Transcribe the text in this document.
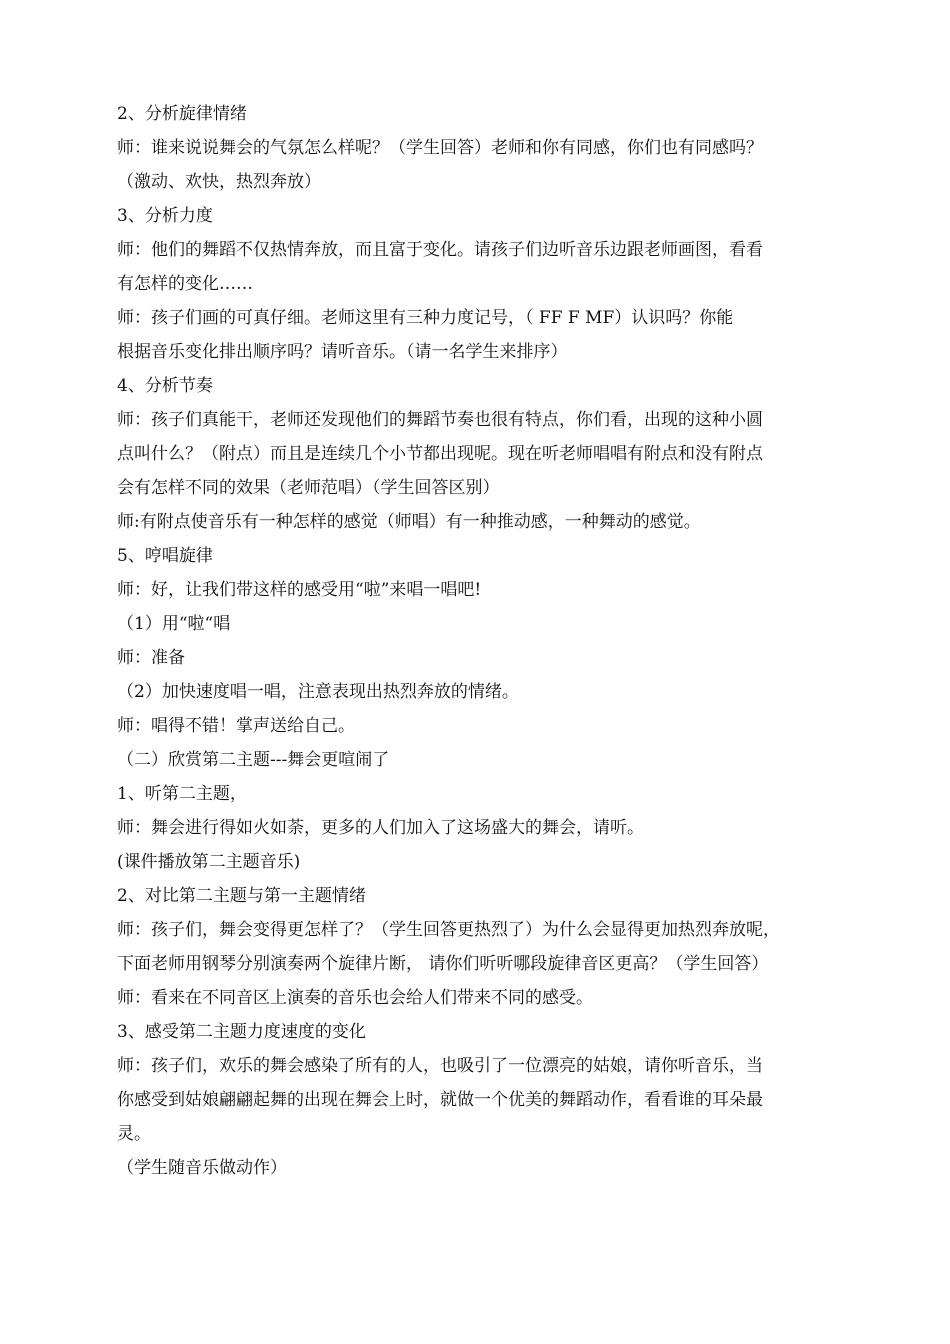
2、分析旋律情绪
师：谁来说说舞会的气氛怎么样呢？（学生回答）老师和你有同感，你们也有同感吗？
（激动、欢快，热烈奔放）
3、分析力度
师：他们的舞蹈不仅热情奔放，而且富于变化。请孩子们边听音乐边跟老师画图，看看
有怎样的变化……
师：孩子们画的可真仔细。老师这里有三种力度记号，（ FF F MF）认识吗？你能
根据音乐变化排出顺序吗？请听音乐。（请一名学生来排序）
4、分析节奏
师：孩子们真能干，老师还发现他们的舞蹈节奏也很有特点，你们看，出现的这种小圆
点叫什么？（附点）而且是连续几个小节都出现呢。现在听老师唱唱有附点和没有附点
会有怎样不同的效果（老师范唱）（学生回答区别）
师:有附点使音乐有一种怎样的感觉（师唱）有一种推动感，一种舞动的感觉。
5、哼唱旋律
师：好，让我们带这样的感受用“啦”来唱一唱吧!
（1）用“啦“唱
师：准备
（2）加快速度唱一唱，注意表现出热烈奔放的情绪。
师：唱得不错！掌声送给自己。
（二）欣赏第二主题---舞会更喧闹了
1、听第二主题，
师：舞会进行得如火如荼，更多的人们加入了这场盛大的舞会，请听。
(课件播放第二主题音乐)
2、对比第二主题与第一主题情绪
师：孩子们，舞会变得更怎样了？（学生回答更热烈了）为什么会显得更加热烈奔放呢，
下面老师用钢琴分别演奏两个旋律片断， 请你们听听哪段旋律音区更高？（学生回答）
师：看来在不同音区上演奏的音乐也会给人们带来不同的感受。
3、感受第二主题力度速度的变化
师：孩子们，欢乐的舞会感染了所有的人，也吸引了一位漂亮的姑娘，请你听音乐，当
你感受到姑娘翩翩起舞的出现在舞会上时，就做一个优美的舞蹈动作，看看谁的耳朵最
灵。
（学生随音乐做动作）
